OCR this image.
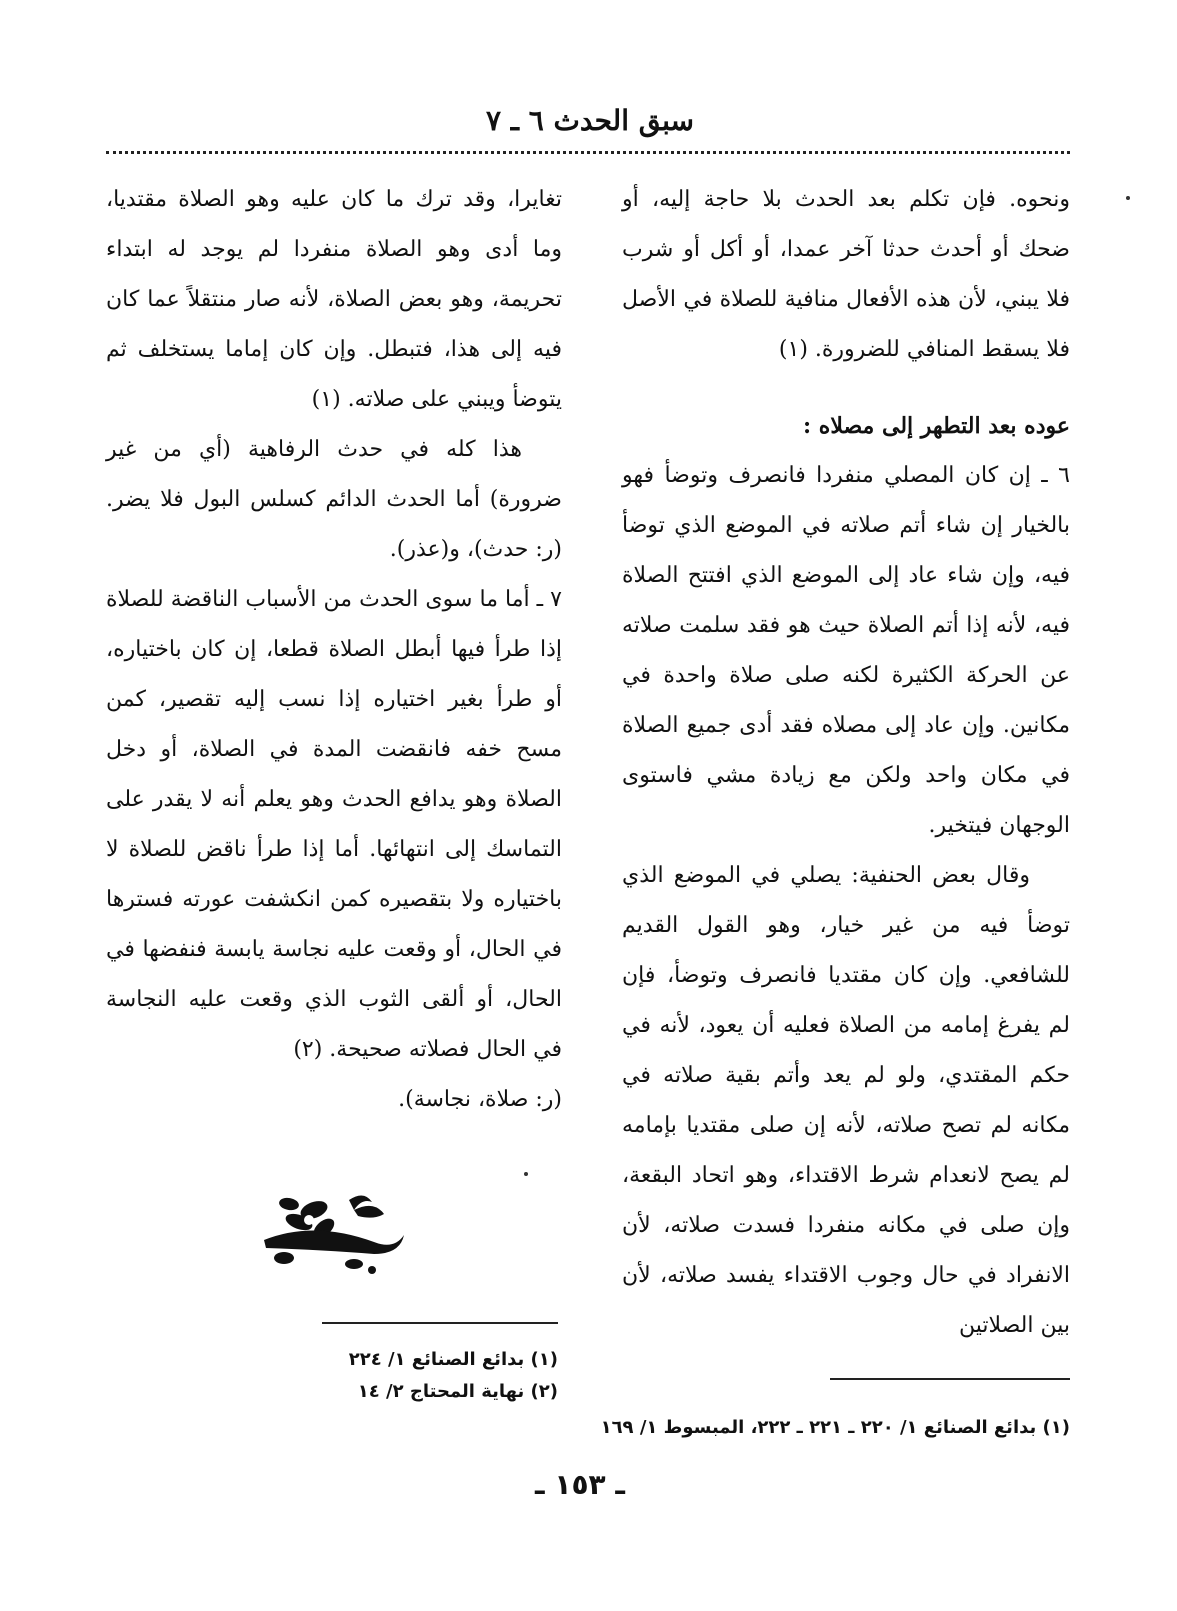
سبق الحدث ٦ ـ ٧

ونحوه. فإن تكلم بعد الحدث بلا حاجة إليه، أو ضحك أو أحدث حدثا آخر عمدا، أو أكل أو شرب فلا يبني، لأن هذه الأفعال منافية للصلاة في الأصل فلا يسقط المنافي للضرورة. (١)

عوده بعد التطهر إلى مصلاه :

٦ ـ إن كان المصلي منفردا فانصرف وتوضأ فهو بالخيار إن شاء أتم صلاته في الموضع الذي توضأ فيه، وإن شاء عاد إلى الموضع الذي افتتح الصلاة فيه، لأنه إذا أتم الصلاة حيث هو فقد سلمت صلاته عن الحركة الكثيرة لكنه صلى صلاة واحدة في مكانين. وإن عاد إلى مصلاه فقد أدى جميع الصلاة في مكان واحد ولكن مع زيادة مشي فاستوى الوجهان فيتخير.

وقال بعض الحنفية: يصلي في الموضع الذي توضأ فيه من غير خيار، وهو القول القديم للشافعي. وإن كان مقتديا فانصرف وتوضأ، فإن لم يفرغ إمامه من الصلاة فعليه أن يعود، لأنه في حكم المقتدي، ولو لم يعد وأتم بقية صلاته في مكانه لم تصح صلاته، لأنه إن صلى مقتديا بإمامه لم يصح لانعدام شرط الاقتداء، وهو اتحاد البقعة، وإن صلى في مكانه منفردا فسدت صلاته، لأن الانفراد في حال وجوب الاقتداء يفسد صلاته، لأن بين الصلاتين

تغايرا، وقد ترك ما كان عليه وهو الصلاة مقتديا، وما أدى وهو الصلاة منفردا لم يوجد له ابتداء تحريمة، وهو بعض الصلاة، لأنه صار منتقلاً عما كان فيه إلى هذا، فتبطل. وإن كان إماما يستخلف ثم يتوضأ ويبني على صلاته. (١)

هذا كله في حدث الرفاهية (أي من غير ضرورة) أما الحدث الدائم كسلس البول فلا يضر. (ر: حدث)، و(عذر).

٧ ـ أما ما سوى الحدث من الأسباب الناقضة للصلاة إذا طرأ فيها أبطل الصلاة قطعا، إن كان باختياره، أو طرأ بغير اختياره إذا نسب إليه تقصير، كمن مسح خفه فانقضت المدة في الصلاة، أو دخل الصلاة وهو يدافع الحدث وهو يعلم أنه لا يقدر على التماسك إلى انتهائها. أما إذا طرأ ناقض للصلاة لا باختياره ولا بتقصيره كمن انكشفت عورته فسترها في الحال، أو وقعت عليه نجاسة يابسة فنفضها في الحال، أو ألقى الثوب الذي وقعت عليه النجاسة في الحال فصلاته صحيحة. (٢)

(ر: صلاة، نجاسة).

(١) بدائع الصنائع ١/ ٢٢٤
(٢) نهاية المحتاج ٢/ ١٤
(١) بدائع الصنائع ١/ ٢٢٠ ـ ٢٢١ ـ ٢٢٢، المبسوط ١/ ١٦٩
ـ ١٥٣ ـ
